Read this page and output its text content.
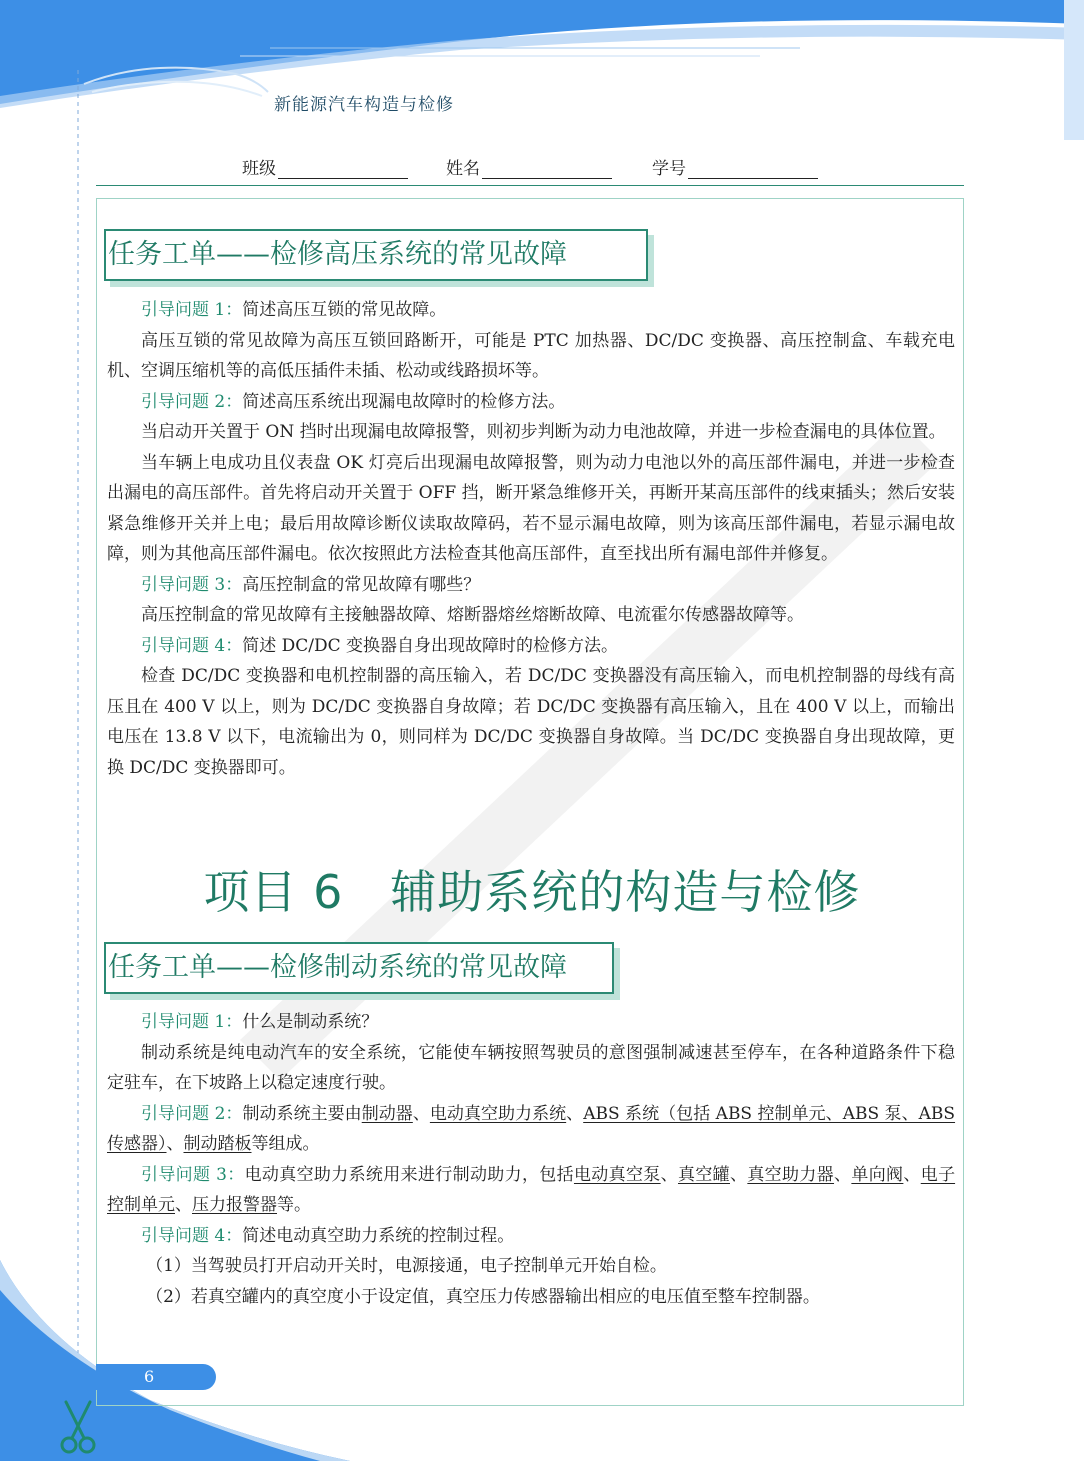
新能源汽车构造与检修
班级	姓名	学号
任务工单——检修高压系统的常见故障

引导问题 1：简述高压互锁的常见故障。

高压互锁的常见故障为高压互锁回路断开，可能是 PTC 加热器、DC/DC 变换器、高压控制盒、车载充电机、空调压缩机等的高低压插件未插、松动或线路损坏等。

引导问题 2：简述高压系统出现漏电故障时的检修方法。

当启动开关置于 ON 挡时出现漏电故障报警，则初步判断为动力电池故障，并进一步检查漏电的具体位置。

当车辆上电成功且仪表盘 OK 灯亮后出现漏电故障报警，则为动力电池以外的高压部件漏电，并进一步检查出漏电的高压部件。首先将启动开关置于 OFF 挡，断开紧急维修开关，再断开某高压部件的线束插头；然后安装紧急维修开关并上电；最后用故障诊断仪读取故障码，若不显示漏电故障，则为该高压部件漏电，若显示漏电故障，则为其他高压部件漏电。依次按照此方法检查其他高压部件，直至找出所有漏电部件并修复。

引导问题 3：高压控制盒的常见故障有哪些？

高压控制盒的常见故障有主接触器故障、熔断器熔丝熔断故障、电流霍尔传感器故障等。

引导问题 4：简述 DC/DC 变换器自身出现故障时的检修方法。

检查 DC/DC 变换器和电机控制器的高压输入，若 DC/DC 变换器没有高压输入，而电机控制器的母线有高压且在 400 V 以上，则为 DC/DC 变换器自身故障；若 DC/DC 变换器有高压输入，且在 400 V 以上，而输出电压在 13.8 V 以下，电流输出为 0，则同样为 DC/DC 变换器自身故障。当 DC/DC 变换器自身出现故障，更换 DC/DC 变换器即可。

项目 6　辅助系统的构造与检修
任务工单——检修制动系统的常见故障

引导问题 1：什么是制动系统？

制动系统是纯电动汽车的安全系统，它能使车辆按照驾驶员的意图强制减速甚至停车，在各种道路条件下稳定驻车，在下坡路上以稳定速度行驶。

引导问题 2：制动系统主要由制动器、电动真空助力系统、ABS 系统（包括 ABS 控制单元、ABS 泵、ABS 传感器）、制动踏板等组成。

引导问题 3：电动真空助力系统用来进行制动助力，包括电动真空泵、真空罐、真空助力器、单向阀、电子控制单元、压力报警器等。

引导问题 4：简述电动真空助力系统的控制过程。

（1）当驾驶员打开启动开关时，电源接通，电子控制单元开始自检。

（2）若真空罐内的真空度小于设定值，真空压力传感器输出相应的电压值至整车控制器。

6
